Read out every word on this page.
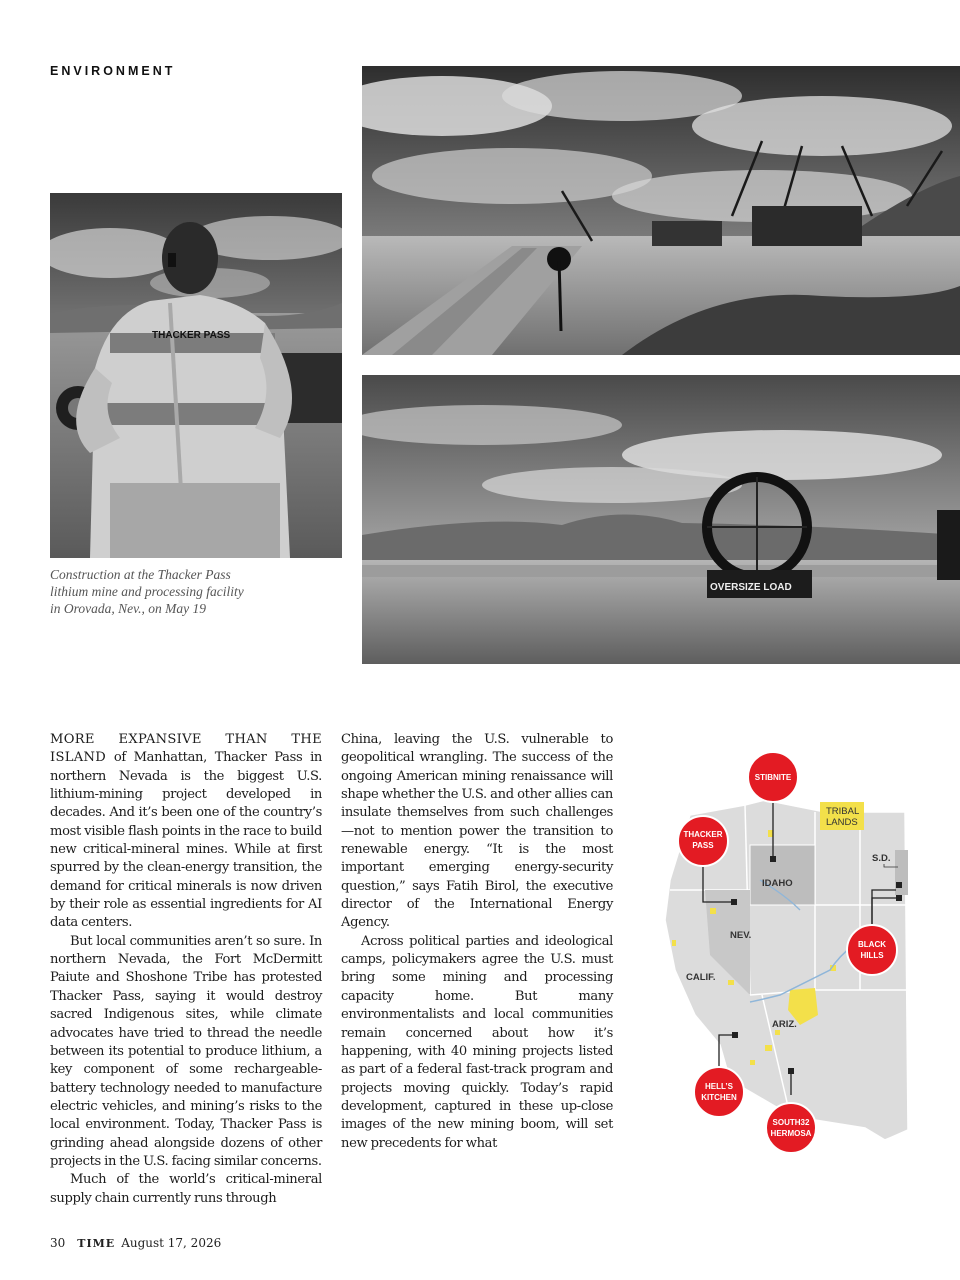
ENVIRONMENT
THACKER PASS
OVERSIZE LOAD
Construction at the Thacker Pass
lithium mine and processing facility
in Orovada, Nev., on May 19

MORE EXPANSIVE THAN THE ISLAND of Manhattan, Thacker Pass in northern Nevada is the biggest U.S. lithium-mining project developed in decades. And it’s been one of the country’s most visible flash points in the race to build new critical-mineral mines. While at first spurred by the clean-energy transition, the demand for critical minerals is now driven by their role as essential ingredients for AI data centers.

But local communities aren’t so sure. In northern Nevada, the Fort McDermitt Paiute and Shoshone Tribe has protested Thacker Pass, saying it would destroy sacred Indigenous sites, while climate advocates have tried to thread the needle between its potential to produce lithium, a key component of some rechargeable-battery technology needed to manufacture electric vehicles, and mining’s risks to the local environment. Today, Thacker Pass is grinding ahead alongside dozens of other projects in the U.S. facing similar concerns.

Much of the world’s critical-mineral supply chain currently runs through

China, leaving the U.S. vulnerable to geopolitical wrangling. The success of the ongoing American mining renaissance will shape whether the U.S. and other allies can insulate themselves from such challenges—not to mention power the transition to renewable energy. “It is the most important emerging energy-security question,” says Fatih Birol, the executive director of the International Energy Agency.

Across political parties and ideological camps, policymakers agree the U.S. must bring some mining and processing capacity home. But many environmentalists and local communities remain concerned about how it’s happening, with 40 mining projects listed as part of a federal fast-track program and projects moving quickly. Today’s rapid development, captured in these up-close images of the new mining boom, will set new precedents for what

TRIBAL
LANDS
IDAHO
NEV.
CALIF.
ARIZ.
S.D.
STIBNITE
THACKER
PASS
BLACK
HILLS
HELL’S
KITCHEN
SOUTH32
HERMOSA
30 TIME August 17, 2026
